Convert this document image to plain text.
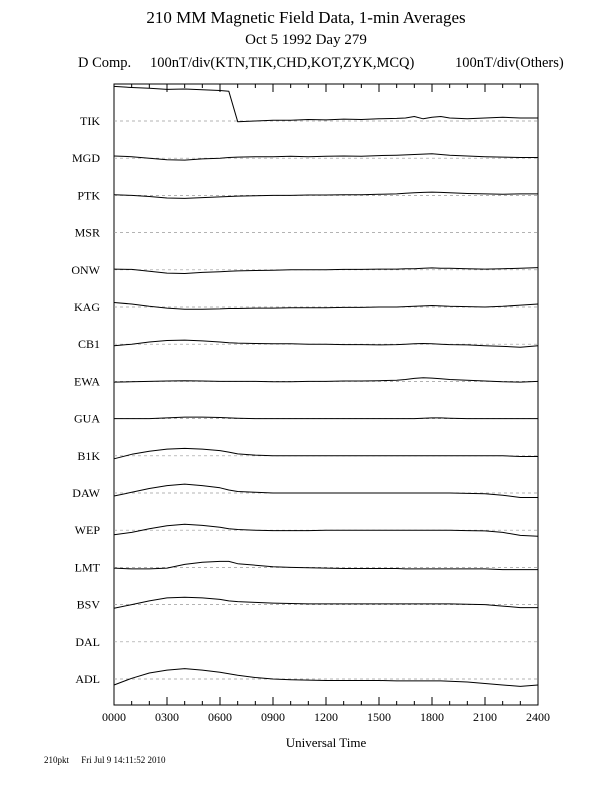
210 MM Magnetic Field Data, 1-min Averages
Oct 5 1992 Day 279
D Comp. 100nT/div(KTN,TIK,CHD,KOT,ZYK,MCQ)	100nT/div(Others)
0000 0300 0600 0900 1200 1500 1800 2100 2400
Universal Time
TIK
MGD
PTK
MSR
ONW
KAG
CB1
EWA
GUA
B1K
DAW
WEP
LMT
BSV
DAL
ADL
210pkt Fri Jul 9 14:11:52 2010
